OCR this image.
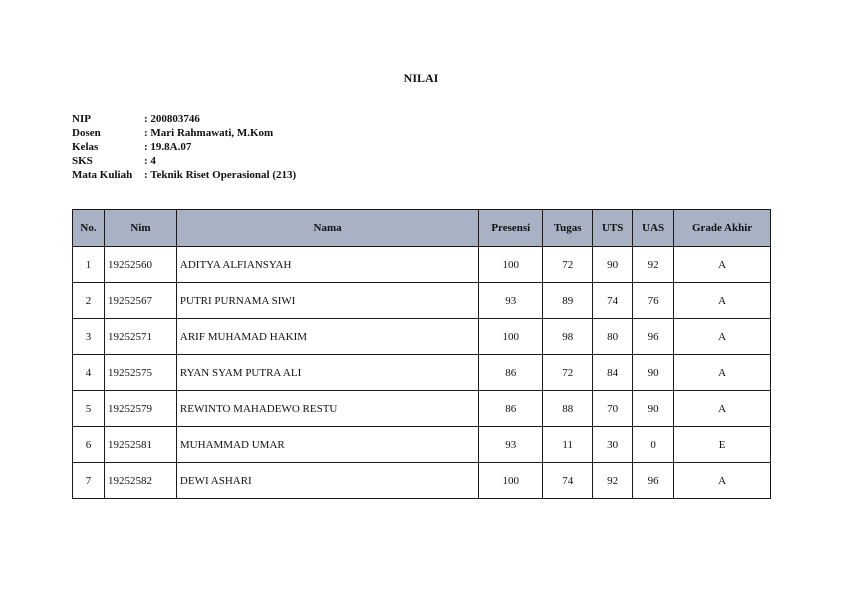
NILAI
NIP	: 200803746
Dosen	: Mari Rahmawati, M.Kom
Kelas	: 19.8A.07
SKS	: 4
Mata Kuliah	: Teknik Riset Operasional (213)
No.	Nim	Nama	Presensi	Tugas	UTS	UAS	Grade Akhir
1	19252560	ADITYA ALFIANSYAH	100	72	90	92	A
2	19252567	PUTRI PURNAMA SIWI	93	89	74	76	A
3	19252571	ARIF MUHAMAD HAKIM	100	98	80	96	A
4	19252575	RYAN SYAM PUTRA ALI	86	72	84	90	A
5	19252579	REWINTO MAHADEWO RESTU	86	88	70	90	A
6	19252581	MUHAMMAD UMAR	93	11	30	0	E
7	19252582	DEWI ASHARI	100	74	92	96	A
